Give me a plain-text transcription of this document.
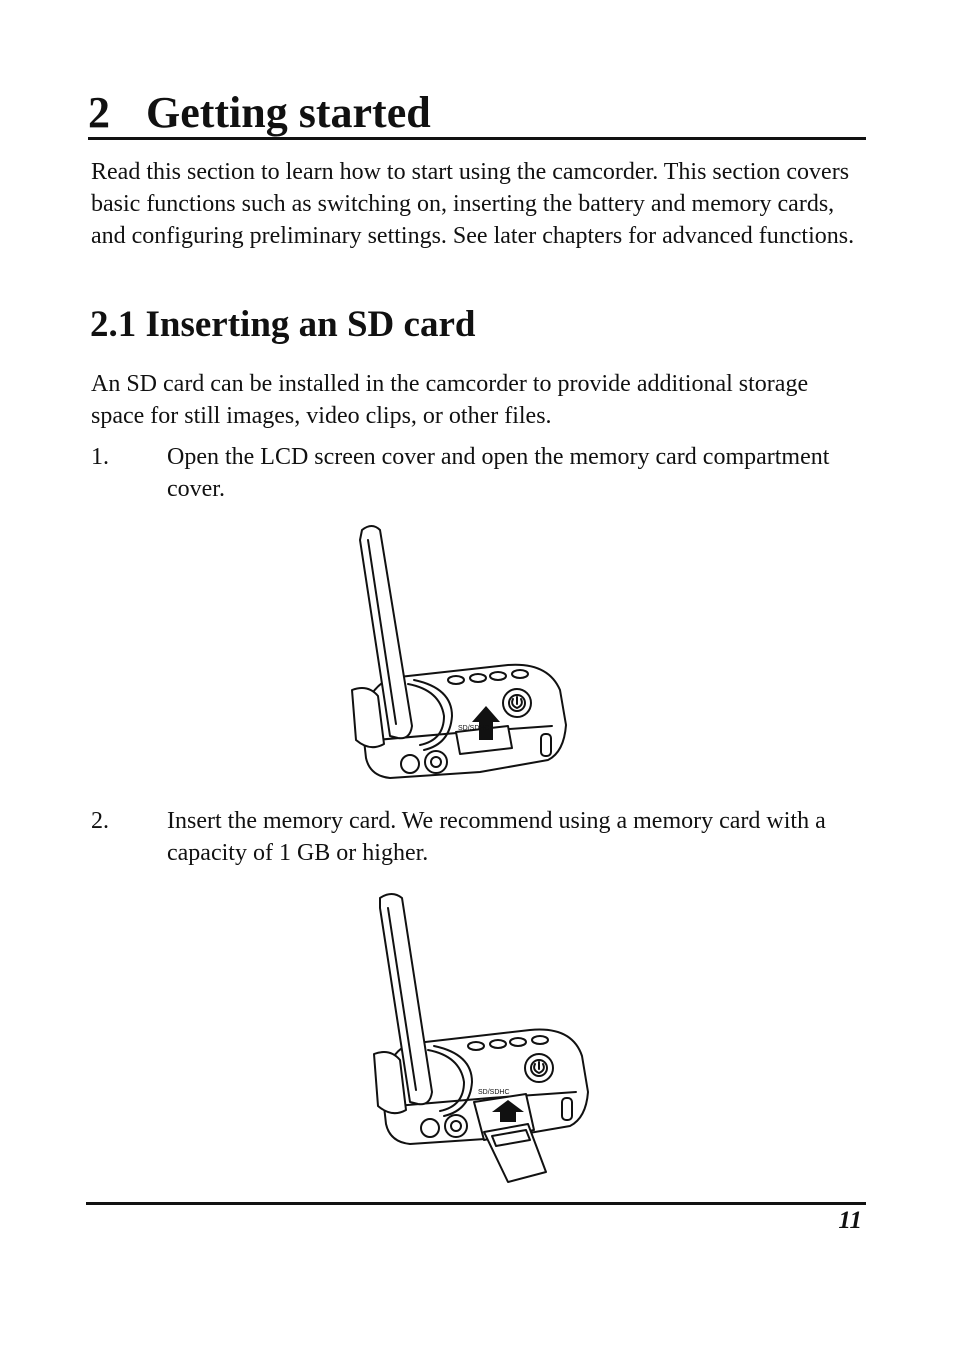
2 Getting started

Read this section to learn how to start using the camcorder. This section covers basic functions such as switching on, inserting the battery and memory cards, and configuring preliminary settings. See later chapters for advanced functions.

2.1 Inserting an SD card

An SD card can be installed in the camcorder to provide additional storage space for still images, video clips, or other files.

1. Open the LCD screen cover and open the memory card compartment cover.

SD/SDHC
2. Insert the memory card. We recommend using a memory card with a capacity of 1 GB or higher.

SD/SDHC
11
